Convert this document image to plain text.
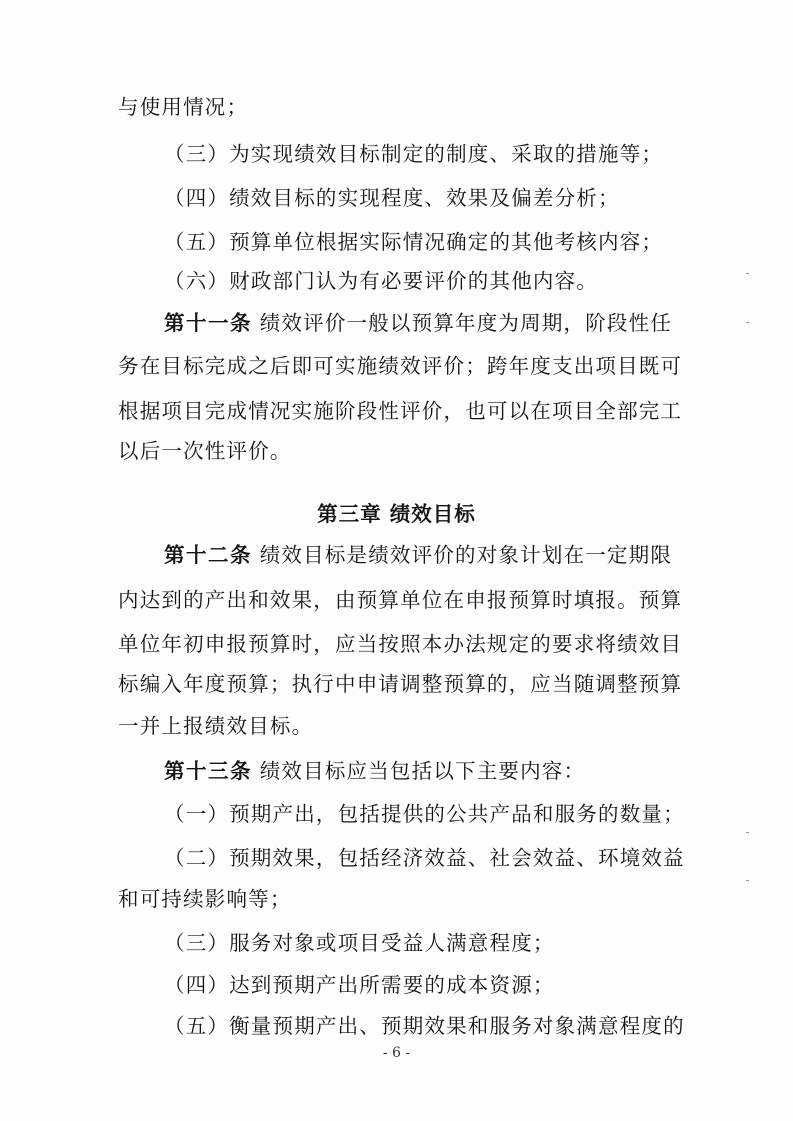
与使用情况；
（三）为实现绩效目标制定的制度、采取的措施等；
（四）绩效目标的实现程度、效果及偏差分析；
（五）预算单位根据实际情况确定的其他考核内容；
（六）财政部门认为有必要评价的其他内容。
第十一条 绩效评价一般以预算年度为周期，阶段性任
务在目标完成之后即可实施绩效评价；跨年度支出项目既可
根据项目完成情况实施阶段性评价，也可以在项目全部完工
以后一次性评价。
第十二条 绩效目标是绩效评价的对象计划在一定期限
内达到的产出和效果，由预算单位在申报预算时填报。预算
单位年初申报预算时，应当按照本办法规定的要求将绩效目
标编入年度预算；执行中申请调整预算的，应当随调整预算
一并上报绩效目标。
第十三条 绩效目标应当包括以下主要内容：
（一）预期产出，包括提供的公共产品和服务的数量；
（二）预期效果，包括经济效益、社会效益、环境效益
和可持续影响等；
（三）服务对象或项目受益人满意程度；
（四）达到预期产出所需要的成本资源；
（五）衡量预期产出、预期效果和服务对象满意程度的
第三章 绩效目标
- 6 -
